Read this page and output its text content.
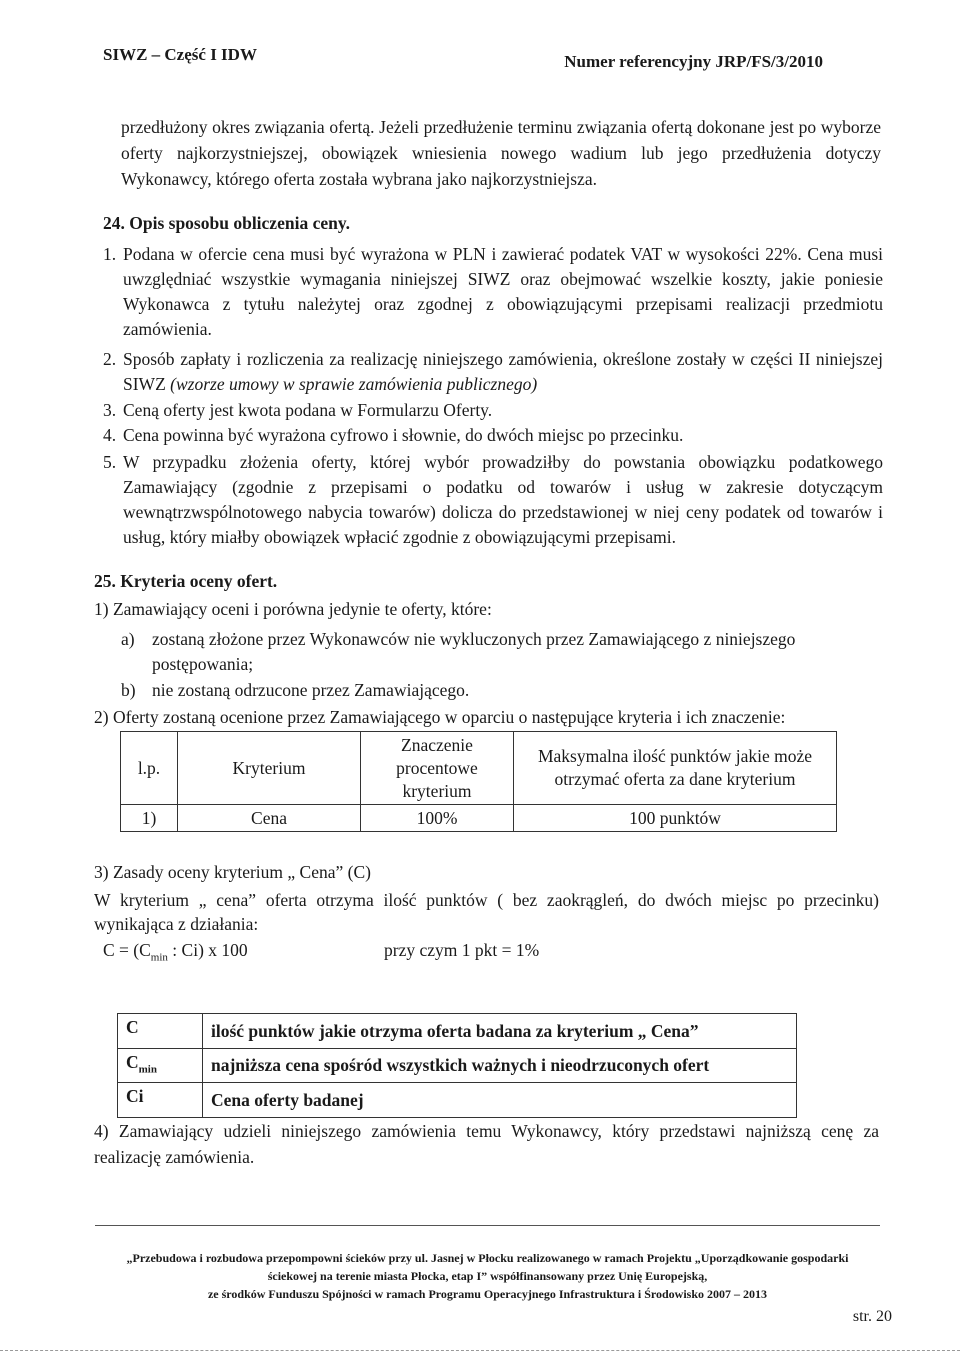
SIWZ – Część I IDW	Numer referencyjny JRP/FS/3/2010

przedłużony okres związania ofertą. Jeżeli przedłużenie terminu związania ofertą dokonane jest po wyborze oferty najkorzystniejszej, obowiązek wniesienia nowego wadium lub jego przedłużenia dotyczy Wykonawcy, którego oferta została wybrana jako najkorzystniejsza.

24. Opis sposobu obliczenia ceny.
1. Podana w ofercie cena musi być wyrażona w PLN i zawierać podatek VAT w wysokości 22%. Cena musi uwzględniać wszystkie wymagania niniejszej SIWZ oraz obejmować wszelkie koszty, jakie poniesie Wykonawca z tytułu należytej oraz zgodnej z obowiązującymi przepisami realizacji przedmiotu zamówienia.
2. Sposób zapłaty i rozliczenia za realizację niniejszego zamówienia, określone zostały w części II niniejszej SIWZ (wzorze umowy w sprawie zamówienia publicznego)
3. Ceną oferty jest kwota podana w Formularzu Oferty.
4. Cena powinna być wyrażona cyfrowo i słownie, do dwóch miejsc po przecinku.
5. W przypadku złożenia oferty, której wybór prowadziłby do powstania obowiązku podatkowego Zamawiający (zgodnie z przepisami o podatku od towarów i usług w zakresie dotyczącym wewnątrzwspólnotowego nabycia towarów) dolicza do przedstawionej w niej ceny podatek od towarów i usług, który miałby obowiązek wpłacić zgodnie z obowiązującymi przepisami.
25. Kryteria oceny ofert.
1) Zamawiający oceni i porówna jedynie te oferty, które:
a) zostaną złożone przez Wykonawców nie wykluczonych przez Zamawiającego z niniejszego postępowania;
b) nie zostaną odrzucone przez Zamawiającego.
2) Oferty zostaną ocenione przez Zamawiającego w oparciu o następujące kryteria i ich znaczenie:
l.p.	Kryterium	Znaczenie procentowe kryterium	Maksymalna ilość punktów jakie może otrzymać oferta za dane kryterium
1)	Cena	100%	100 punktów
3) Zasady oceny kryterium „ Cena” (C)
W kryterium „ cena” oferta otrzyma ilość punktów ( bez zaokrągleń, do dwóch miejsc po przecinku) wynikająca z działania:
$C = (C_{min}$ : Ci) x 100	przy czym 1 pkt = 1%
C	ilość punktów jakie otrzyma oferta badana za kryterium „ Cena”
$C_{min}$	najniższa cena spośród wszystkich ważnych i nieodrzuconych ofert
Ci	Cena oferty badanej
4) Zamawiający udzieli niniejszego zamówienia temu Wykonawcy, który przedstawi najniższą cenę za realizację zamówienia.
„Przebudowa i rozbudowa przepompowni ścieków przy ul. Jasnej w Płocku realizowanego w ramach Projektu „Uporządkowanie gospodarki
ściekowej na terenie miasta Płocka, etap I” współfinansowany przez Unię Europejską,
ze środków Funduszu Spójności w ramach Programu Operacyjnego Infrastruktura i Środowisko 2007 – 2013
str. 20
